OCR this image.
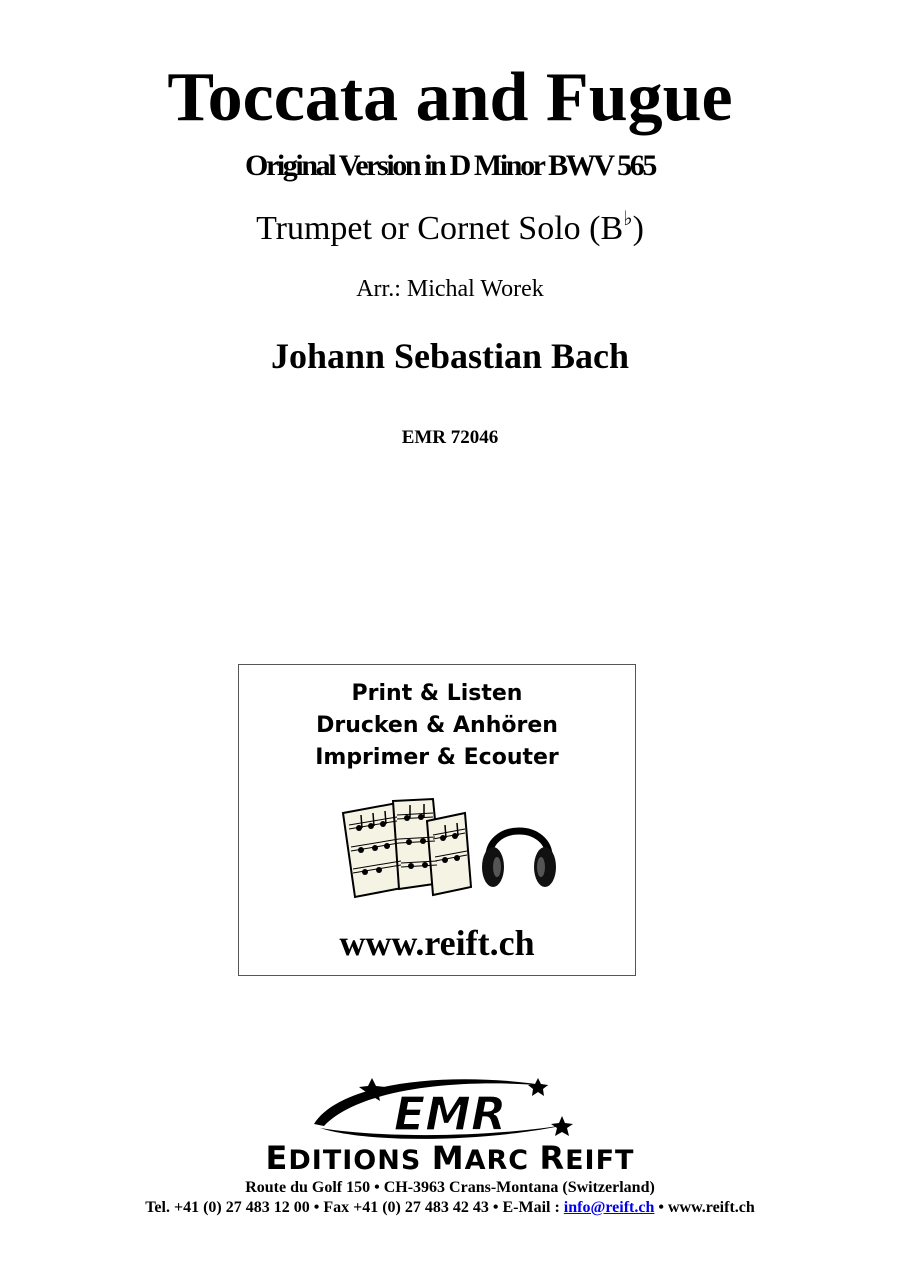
Toccata and Fugue
Original Version in D Minor BWV 565
Trumpet or Cornet Solo (B♭)
Arr.: Michal Worek
Johann Sebastian Bach
EMR 72046
Print & Listen
Drucken & Anhören
Imprimer & Ecouter
www.reift.ch
EMR
EDITIONS MARC REIFT
Route du Golf 150 • CH-3963 Crans-Montana (Switzerland)
Tel. +41 (0) 27 483 12 00 • Fax +41 (0) 27 483 42 43 • E-Mail : info@reift.ch • www.reift.ch
